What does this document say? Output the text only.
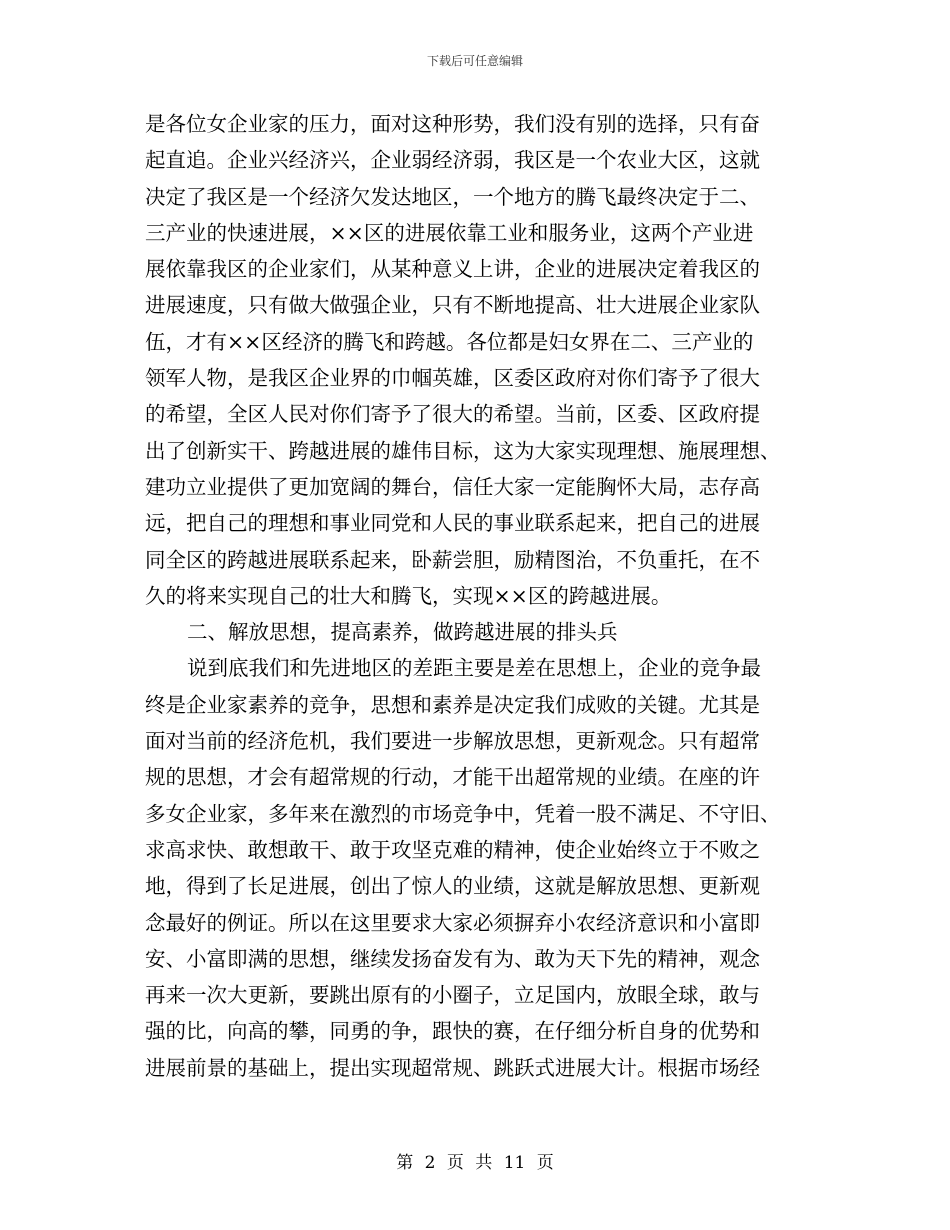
下载后可任意编辑
是各位女企业家的压力，面对这种形势，我们没有别的选择，只有奋
起直追。企业兴经济兴，企业弱经济弱，我区是一个农业大区，这就
决定了我区是一个经济欠发达地区，一个地方的腾飞最终决定于二、
三产业的快速进展，××区的进展依靠工业和服务业，这两个产业进
展依靠我区的企业家们，从某种意义上讲，企业的进展决定着我区的
进展速度，只有做大做强企业，只有不断地提高、壮大进展企业家队
伍，才有××区经济的腾飞和跨越。各位都是妇女界在二、三产业的
领军人物，是我区企业界的巾帼英雄，区委区政府对你们寄予了很大
的希望，全区人民对你们寄予了很大的希望。当前，区委、区政府提
出了创新实干、跨越进展的雄伟目标，这为大家实现理想、施展理想、
建功立业提供了更加宽阔的舞台，信任大家一定能胸怀大局，志存高
远，把自己的理想和事业同党和人民的事业联系起来，把自己的进展
同全区的跨越进展联系起来，卧薪尝胆，励精图治，不负重托，在不
久的将来实现自己的壮大和腾飞，实现××区的跨越进展。
二、解放思想，提高素养，做跨越进展的排头兵
说到底我们和先进地区的差距主要是差在思想上，企业的竞争最
终是企业家素养的竞争，思想和素养是决定我们成败的关键。尤其是
面对当前的经济危机，我们要进一步解放思想，更新观念。只有超常
规的思想，才会有超常规的行动，才能干出超常规的业绩。在座的许
多女企业家，多年来在激烈的市场竞争中，凭着一股不满足、不守旧、
求高求快、敢想敢干、敢于攻坚克难的精神，使企业始终立于不败之
地，得到了长足进展，创出了惊人的业绩，这就是解放思想、更新观
念最好的例证。所以在这里要求大家必须摒弃小农经济意识和小富即
安、小富即满的思想，继续发扬奋发有为、敢为天下先的精神，观念
再来一次大更新，要跳出原有的小圈子，立足国内，放眼全球，敢与
强的比，向高的攀，同勇的争，跟快的赛，在仔细分析自身的优势和
进展前景的基础上，提出实现超常规、跳跃式进展大计。根据市场经
第 2 页 共 11 页
